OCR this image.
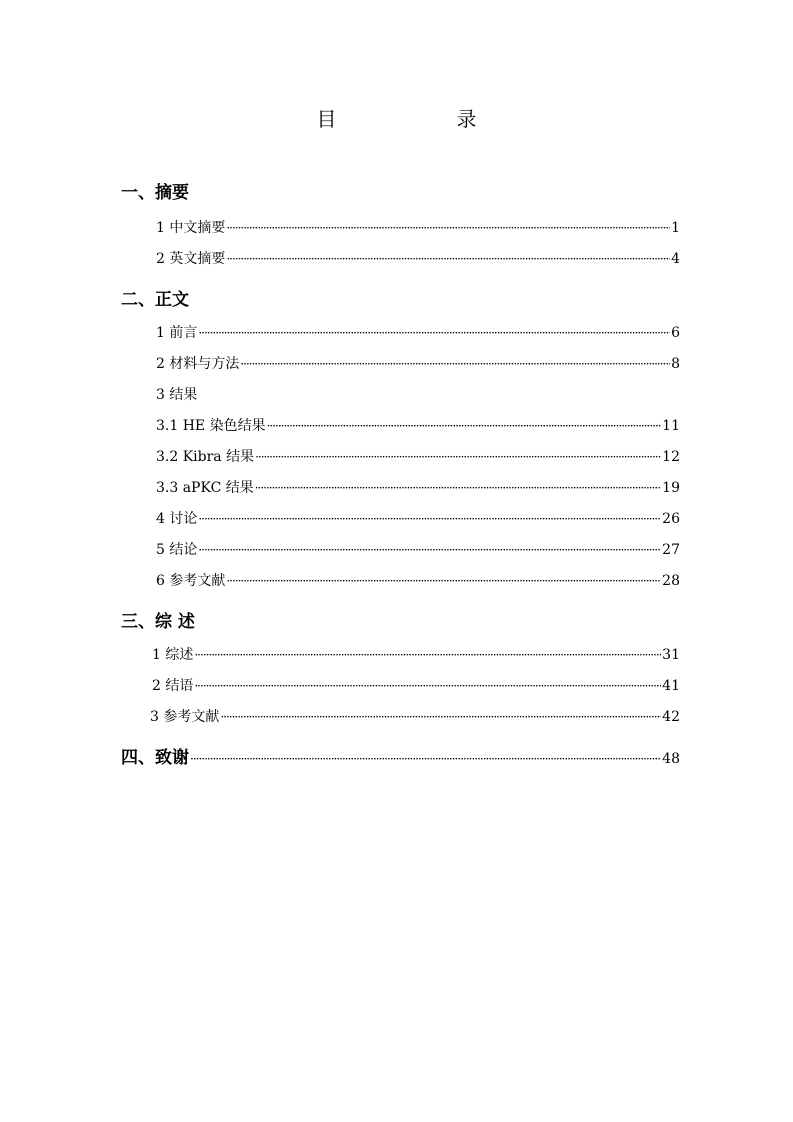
目　录
一、摘要
1 中文摘要 ·····	1
2 英文摘要 ·····	4
二、正文
1 前言 ·····	6
2 材料与方法 ·····	8
3 结果
3.1 HE 染色结果 ·····	11
3.2 Kibra 结果 ·····	12
3.3 aPKC 结果 ·····	19
4 讨论 ·····	26
5 结论 ·····	27
6 参考文献 ·····	28
三、综 述
1 综述 ·····	31
2 结语 ·····	41
3 参考文献 ·····	42
四、致谢 ·····	48
